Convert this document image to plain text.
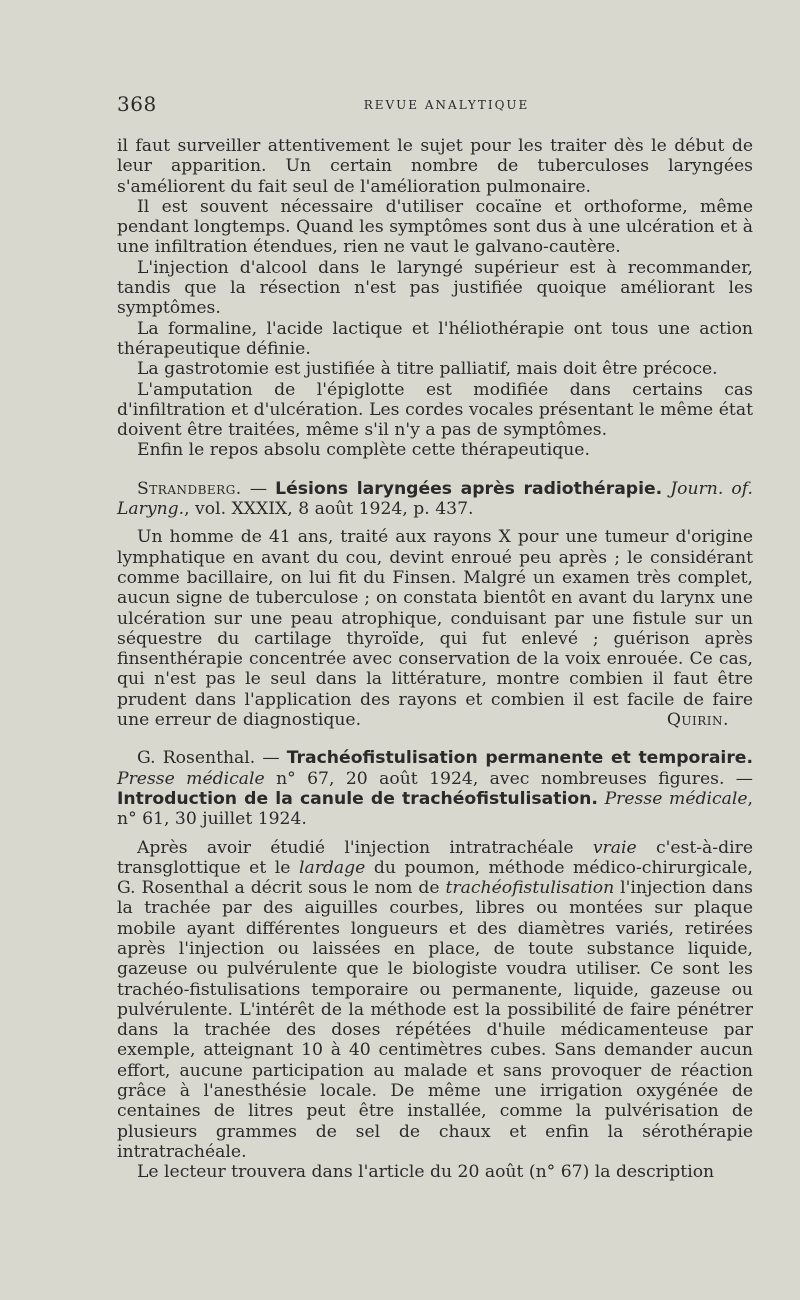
368	REVUE ANALYTIQUE

il faut surveiller attentivement le sujet pour les traiter dès le début de leur apparition. Un certain nombre de tuberculoses laryngées s'améliorent du fait seul de l'amélioration pulmonaire.

Il est souvent nécessaire d'utiliser cocaïne et orthoforme, même pendant longtemps. Quand les symptômes sont dus à une ulcération et à une infiltration étendues, rien ne vaut le galvano-cautère.

L'injection d'alcool dans le laryngé supérieur est à recommander, tandis que la résection n'est pas justifiée quoique améliorant les symptômes.

La formaline, l'acide lactique et l'héliothérapie ont tous une action thérapeutique définie.

La gastrotomie est justifiée à titre palliatif, mais doit être précoce.

L'amputation de l'épiglotte est modifiée dans certains cas d'infiltration et d'ulcération. Les cordes vocales présentant le même état doivent être traitées, même s'il n'y a pas de symptômes.

Enfin le repos absolu complète cette thérapeutique.

Strandberg. — Lésions laryngées après radiothérapie. Journ. of. Laryng., vol. XXXIX, 8 août 1924, p. 437.

Un homme de 41 ans, traité aux rayons X pour une tumeur d'origine lymphatique en avant du cou, devint enroué peu après ; le considérant comme bacillaire, on lui fit du Finsen. Malgré un examen très complet, aucun signe de tuberculose ; on constata bientôt en avant du larynx une ulcération sur une peau atrophique, conduisant par une fistule sur un séquestre du cartilage thyroïde, qui fut enlevé ; guérison après finsenthérapie concentrée avec conservation de la voix enrouée. Ce cas, qui n'est pas le seul dans la littérature, montre combien il faut être prudent dans l'application des rayons et combien il est facile de faire une erreur de diagnostique.	Quirin.

G. Rosenthal. — Trachéofistulisation permanente et temporaire. Presse médicale n° 67, 20 août 1924, avec nombreuses figures. — Introduction de la canule de trachéofistulisation. Presse médicale, n° 61, 30 juillet 1924.

Après avoir étudié l'injection intratrachéale vraie c'est-à-dire transglottique et le lardage du poumon, méthode médico-chirurgicale, G. Rosenthal a décrit sous le nom de trachéofistulisation l'injection dans la trachée par des aiguilles courbes, libres ou montées sur plaque mobile ayant différentes longueurs et des diamètres variés, retirées après l'injection ou laissées en place, de toute substance liquide, gazeuse ou pulvérulente que le biologiste voudra utiliser. Ce sont les trachéo-fistulisations temporaire ou permanente, liquide, gazeuse ou pulvérulente. L'intérêt de la méthode est la possibilité de faire pénétrer dans la trachée des doses répétées d'huile médicamenteuse par exemple, atteignant 10 à 40 centimètres cubes. Sans demander aucun effort, aucune participation au malade et sans provoquer de réaction grâce à l'anesthésie locale. De même une irrigation oxygénée de centaines de litres peut être installée, comme la pulvérisation de plusieurs grammes de sel de chaux et enfin la sérothérapie intratrachéale.

Le lecteur trouvera dans l'article du 20 août (n° 67) la description
